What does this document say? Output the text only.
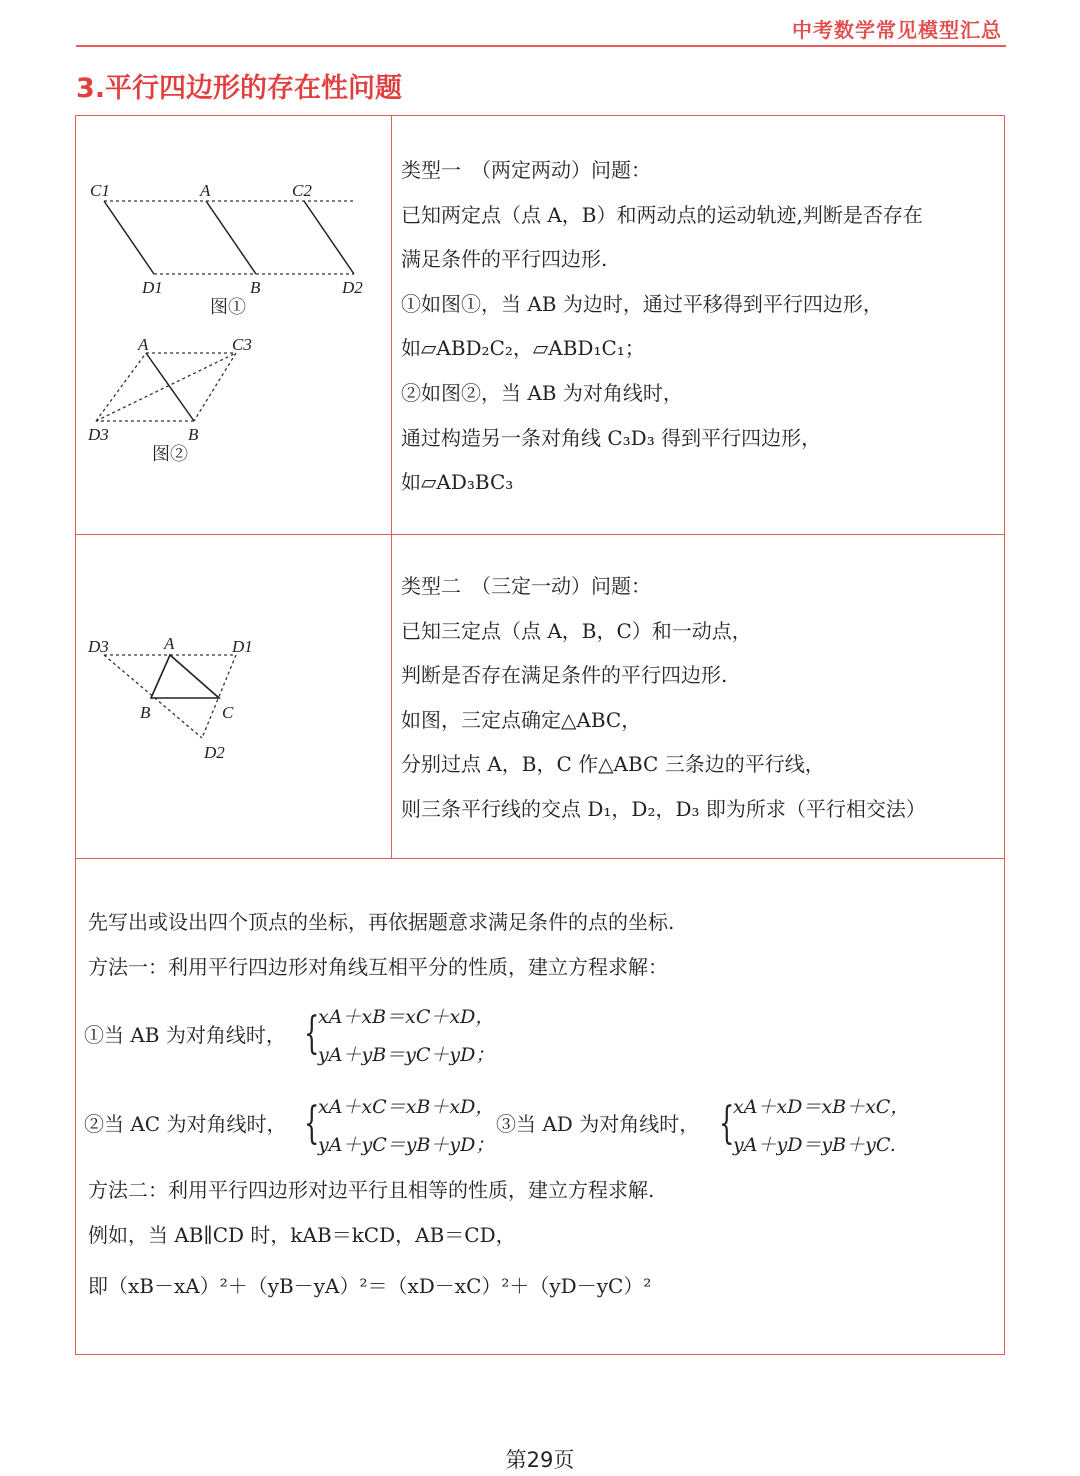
中考数学常见模型汇总
3.平行四边形的存在性问题
C1	A	C2
D1	B	D2
图①
A	C3
D3	B
图②
类型一　（两定两动）问题：
已知两定点（点 A，B）和两动点的运动轨迹,判断是否存在
满足条件的平行四边形.
①如图①，当 AB 为边时，通过平移得到平行四边形，
如▱ABD₂C₂，▱ABD₁C₁；
②如图②，当 AB 为对角线时，
通过构造另一条对角线 C₃D₃ 得到平行四边形，
如▱AD₃BC₃
D3	A	D1
B	C
D2
类型二　（三定一动）问题：
已知三定点（点 A，B，C）和一动点，
判断是否存在满足条件的平行四边形.
如图，三定点确定△ABC，
分别过点 A，B，C 作△ABC 三条边的平行线，
则三条平行线的交点 D₁，D₂，D₃ 即为所求（平行相交法）
先写出或设出四个顶点的坐标，再依据题意求满足条件的点的坐标.
方法一：利用平行四边形对角线互相平分的性质，建立方程求解：
①当 AB 为对角线时， {
xA＋xB＝xC＋xD，
yA＋yB＝yC＋yD；
②当 AC 为对角线时， {
xA＋xC＝xB＋xD，
yA＋yC＝yB＋yD；
③当 AD 为对角线时， {
xA＋xD＝xB＋xC，
yA＋yD＝yB＋yC.
方法二：利用平行四边形对边平行且相等的性质，建立方程求解.
例如，当 AB∥CD 时，kAB＝kCD，AB＝CD，
即（xB－xA）²＋（yB－yA）²＝（xD－xC）²＋（yD－yC）²
第29页
